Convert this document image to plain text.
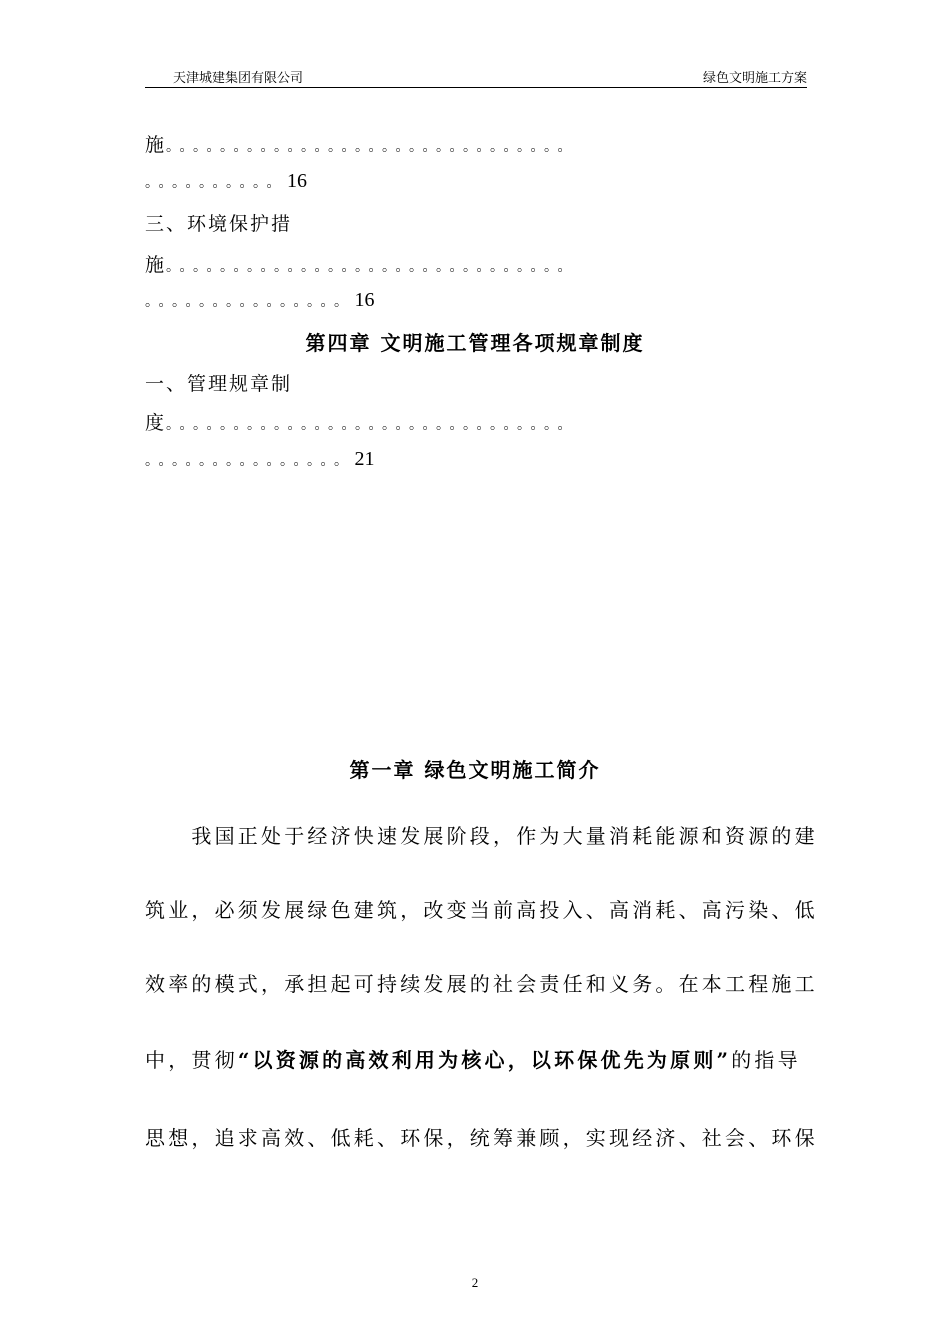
天津城建集团有限公司	绿色文明施工方案
施。。。。。。。。。。。。。。。。。。。。。。。。。。。。。。
。。。。。。。。。。16
三、环境保护措
施。。。。。。。。。。。。。。。。。。。。。。。。。。。。。。
。。。。。。。。。。。。。。。16
第四章 文明施工管理各项规章制度
一、管理规章制
度。。。。。。。。。。。。。。。。。。。。。。。。。。。。。。
。。。。。。。。。。。。。。。21
第一章 绿色文明施工简介
　　我国正处于经济快速发展阶段，作为大量消耗能源和资源的建
筑业，必须发展绿色建筑，改变当前高投入、高消耗、高污染、低
效率的模式，承担起可持续发展的社会责任和义务。在本工程施工
中，贯彻“以资源的高效利用为核心，以环保优先为原则”的指导
思想，追求高效、低耗、环保，统筹兼顾，实现经济、社会、环保
2
